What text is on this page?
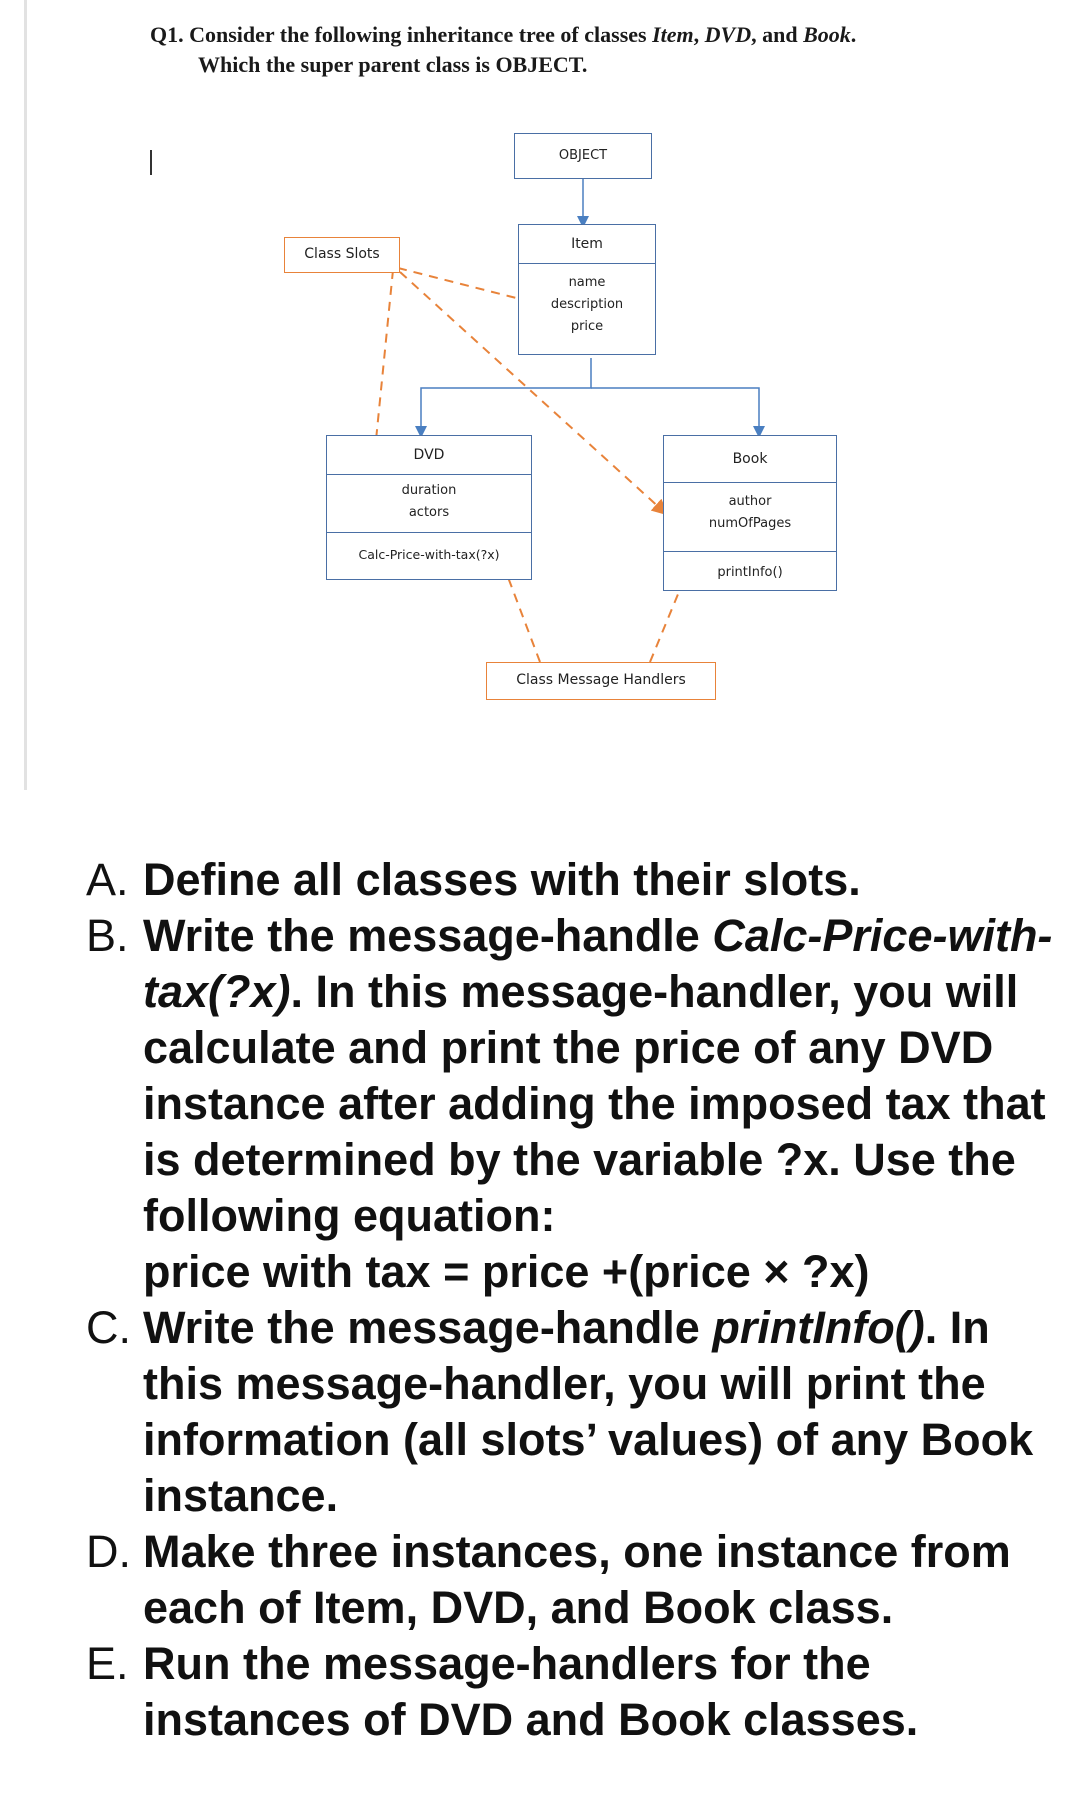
Q1. Consider the following inheritance tree of classes Item, DVD, and Book.
Which the super parent class is OBJECT.
OBJECT
Item
name
description
price
Class Slots
DVD
duration
actors
Calc-Price-with-tax(?x)
Book
author
numOfPages
printInfo()
Class Message Handlers
A. Define all classes with their slots.
B. Write the message-handle Calc-Price-with-tax(?x). In this message-handler, you will calculate and print the price of any DVD instance after adding the imposed tax that is determined by the variable ?x. Use the following equation:
price with tax = price +(price × ?x)
C. Write the message-handle printInfo(). In this message-handler, you will print the information (all slots’ values) of any Book instance.
D. Make three instances, one instance from each of Item, DVD, and Book class.
E. Run the message-handlers for the instances of DVD and Book classes.
